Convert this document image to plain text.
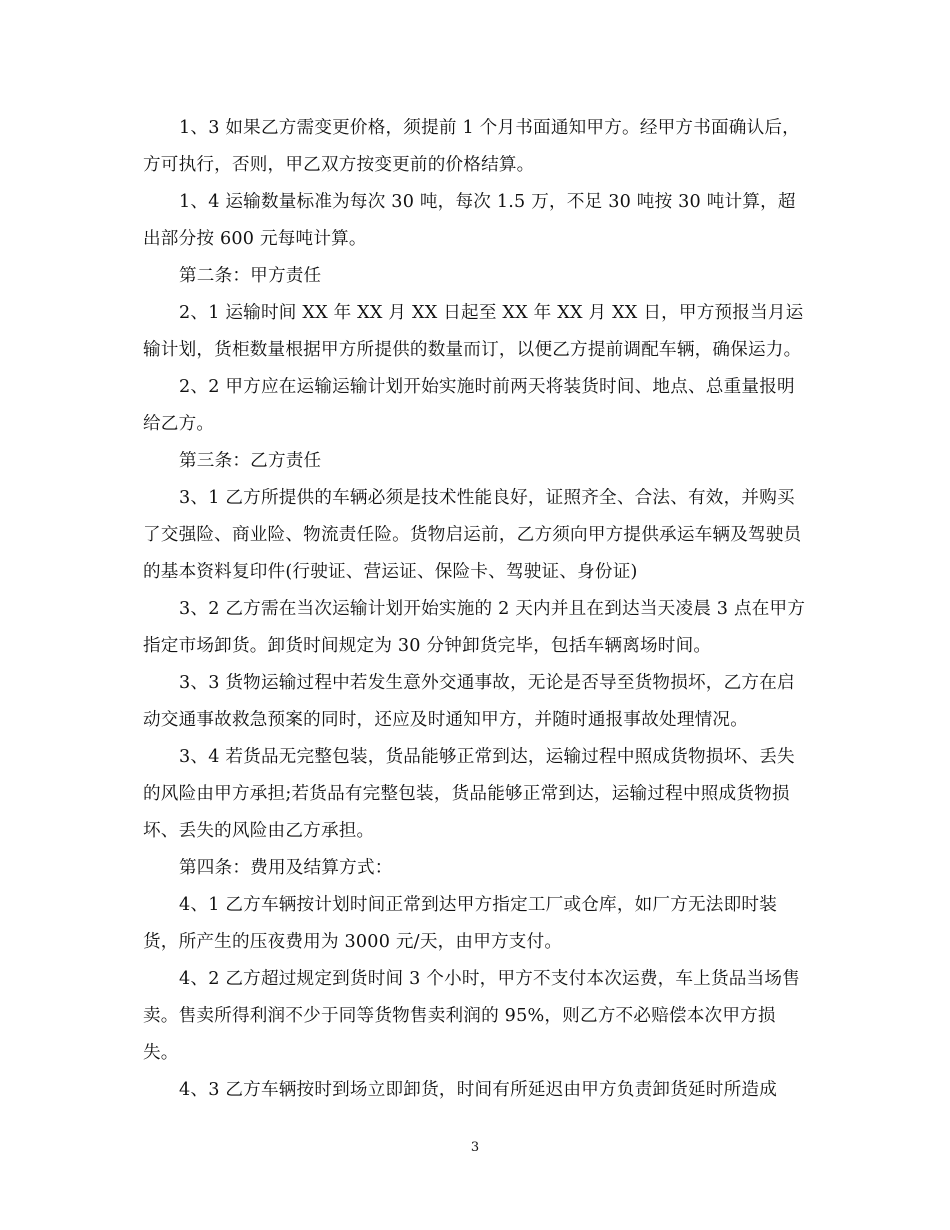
1、3 如果乙方需变更价格，须提前 1 个月书面通知甲方。经甲方书面确认后，方可执行，否则，甲乙双方按变更前的价格结算。

1、4 运输数量标准为每次 30 吨，每次 1.5 万，不足 30 吨按 30 吨计算，超出部分按 600 元每吨计算。

第二条：甲方责任

2、1 运输时间 XX 年 XX 月 XX 日起至 XX 年 XX 月 XX 日，甲方预报当月运输计划，货柜数量根据甲方所提供的数量而订，以便乙方提前调配车辆，确保运力。

2、2 甲方应在运输运输计划开始实施时前两天将装货时间、地点、总重量报明给乙方。

第三条：乙方责任

3、1 乙方所提供的车辆必须是技术性能良好，证照齐全、合法、有效，并购买了交强险、商业险、物流责任险。货物启运前，乙方须向甲方提供承运车辆及驾驶员的基本资料复印件(行驶证、营运证、保险卡、驾驶证、身份证)

3、2 乙方需在当次运输计划开始实施的 2 天内并且在到达当天凌晨 3 点在甲方指定市场卸货。卸货时间规定为 30 分钟卸货完毕，包括车辆离场时间。

3、3 货物运输过程中若发生意外交通事故，无论是否导至货物损坏，乙方在启动交通事故救急预案的同时，还应及时通知甲方，并随时通报事故处理情况。

3、4 若货品无完整包装，货品能够正常到达，运输过程中照成货物损坏、丢失的风险由甲方承担;若货品有完整包装，货品能够正常到达，运输过程中照成货物损坏、丢失的风险由乙方承担。

第四条：费用及结算方式：

4、1 乙方车辆按计划时间正常到达甲方指定工厂或仓库，如厂方无法即时装货，所产生的压夜费用为 3000 元/天，由甲方支付。

4、2 乙方超过规定到货时间 3 个小时，甲方不支付本次运费，车上货品当场售卖。售卖所得利润不少于同等货物售卖利润的 95%，则乙方不必赔偿本次甲方损失。

4、3 乙方车辆按时到场立即卸货，时间有所延迟由甲方负责卸货延时所造成

3
